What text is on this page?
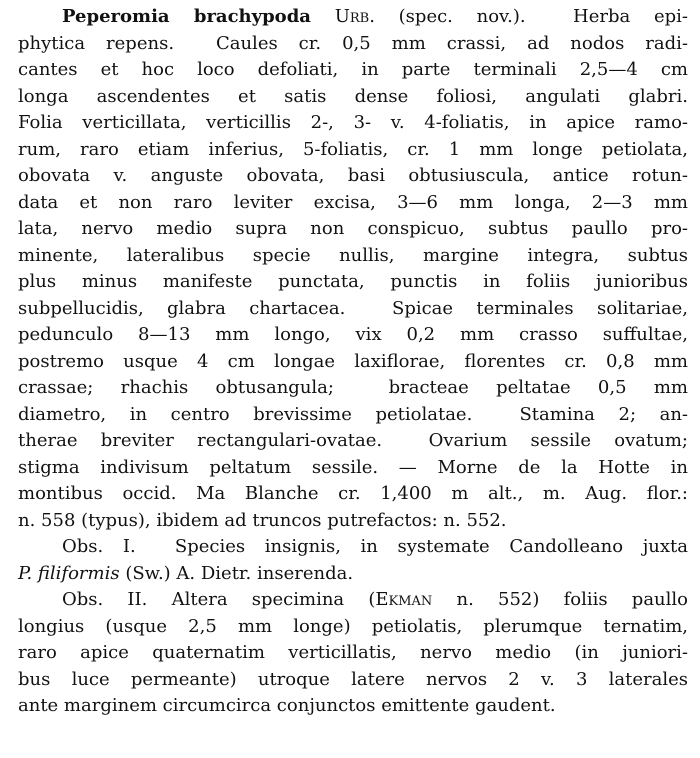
Peperomia brachypoda Urb. (spec. nov.).  Herba epi-
phytica repens.  Caules cr. 0,5 mm crassi, ad nodos radi-
cantes et hoc loco defoliati, in parte terminali 2,5—4 cm
longa ascendentes et satis dense foliosi, angulati glabri.
Folia verticillata, verticillis 2-, 3- v. 4-foliatis, in apice ramo-
rum, raro etiam inferius, 5-foliatis, cr. 1 mm longe petiolata,
obovata v. anguste obovata, basi obtusiuscula, antice rotun-
data et non raro leviter excisa, 3—6 mm longa, 2—3 mm
lata, nervo medio supra non conspicuo, subtus paullo pro-
minente, lateralibus specie nullis, margine integra, subtus
plus minus manifeste punctata, punctis in foliis junioribus
subpellucidis, glabra chartacea.  Spicae terminales solitariae,
pedunculo 8—13 mm longo, vix 0,2 mm crasso suffultae,
postremo usque 4 cm longae laxiflorae, florentes cr. 0,8 mm
crassae; rhachis obtusangula;  bracteae peltatae 0,5 mm
diametro, in centro brevissime petiolatae.  Stamina 2; an-
therae breviter rectangulari-ovatae.  Ovarium sessile ovatum;
stigma indivisum peltatum sessile. — Morne de la Hotte in
montibus occid. Ma Blanche cr. 1,400 m alt., m. Aug. flor.:
n. 558 (typus), ibidem ad truncos putrefactos: n. 552.
Obs. I.  Species insignis, in systemate Candolleano juxta
P. filiformis (Sw.) A. Dietr. inserenda.
Obs. II. Altera specimina (Ekman n. 552) foliis paullo
longius (usque 2,5 mm longe) petiolatis, plerumque ternatim,
raro apice quaternatim verticillatis, nervo medio (in juniori-
bus luce permeante) utroque latere nervos 2 v. 3 laterales
ante marginem circumcirca conjunctos emittente gaudent.
